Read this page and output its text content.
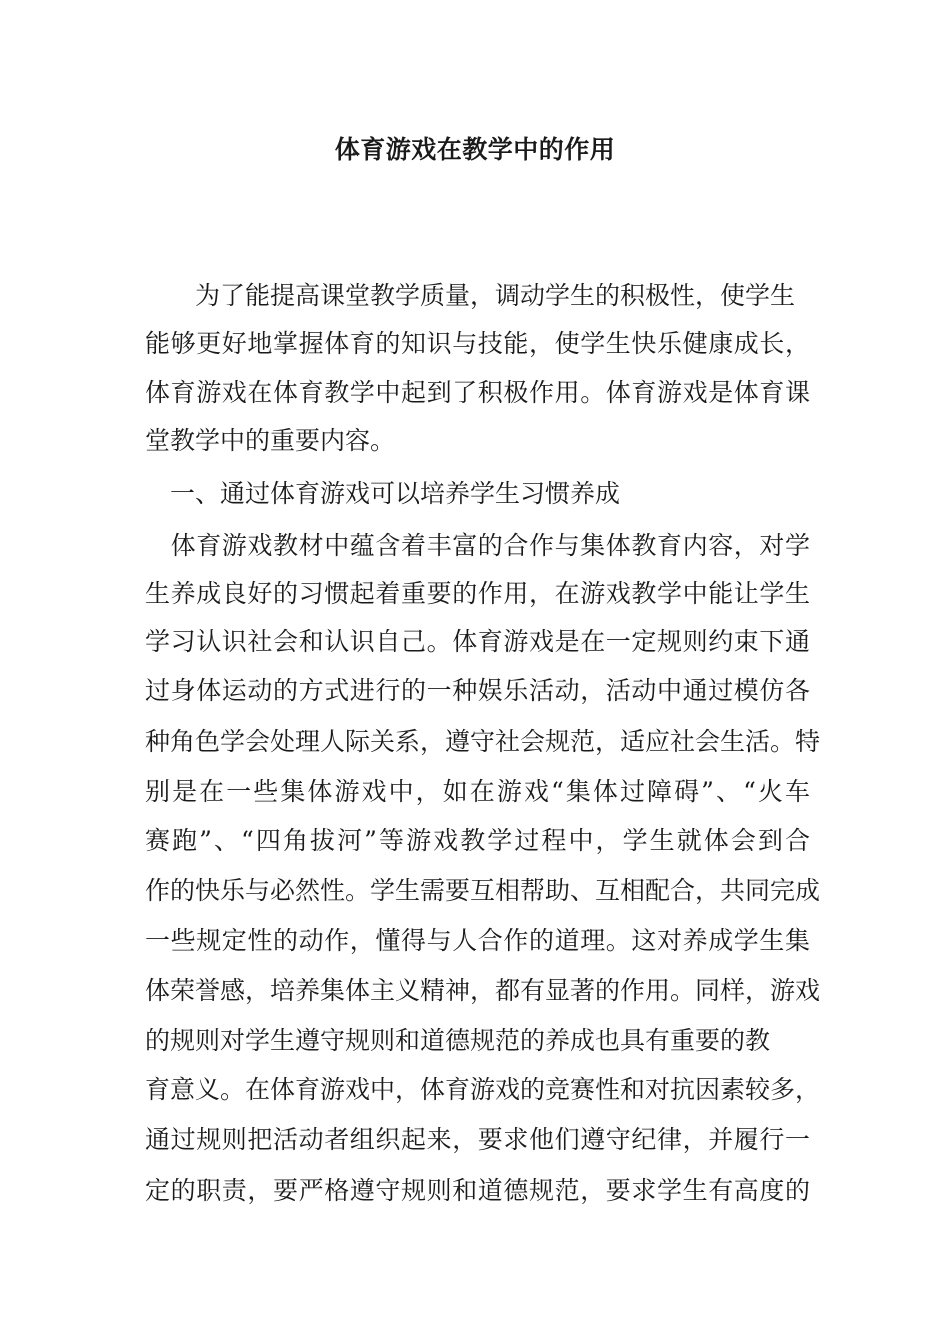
体育游戏在教学中的作用
　　为了能提高课堂教学质量，调动学生的积极性，使学生
能够更好地掌握体育的知识与技能，使学生快乐健康成长，
体育游戏在体育教学中起到了积极作用。体育游戏是体育课
堂教学中的重要内容。
　一、通过体育游戏可以培养学生习惯养成
　体育游戏教材中蕴含着丰富的合作与集体教育内容，对学
生养成良好的习惯起着重要的作用，在游戏教学中能让学生
学习认识社会和认识自己。体育游戏是在一定规则约束下通
过身体运动的方式进行的一种娱乐活动，活动中通过模仿各
种角色学会处理人际关系，遵守社会规范，适应社会生活。特
别是在一些集体游戏中，如在游戏“集体过障碍”、“火车
赛跑”、“四角拔河”等游戏教学过程中，学生就体会到合
作的快乐与必然性。学生需要互相帮助、互相配合，共同完成
一些规定性的动作，懂得与人合作的道理。这对养成学生集
体荣誉感，培养集体主义精神，都有显著的作用。同样，游戏
的规则对学生遵守规则和道德规范的养成也具有重要的教
育意义。在体育游戏中，体育游戏的竞赛性和对抗因素较多，
通过规则把活动者组织起来，要求他们遵守纪律，并履行一
定的职责，要严格遵守规则和道德规范，要求学生有高度的
